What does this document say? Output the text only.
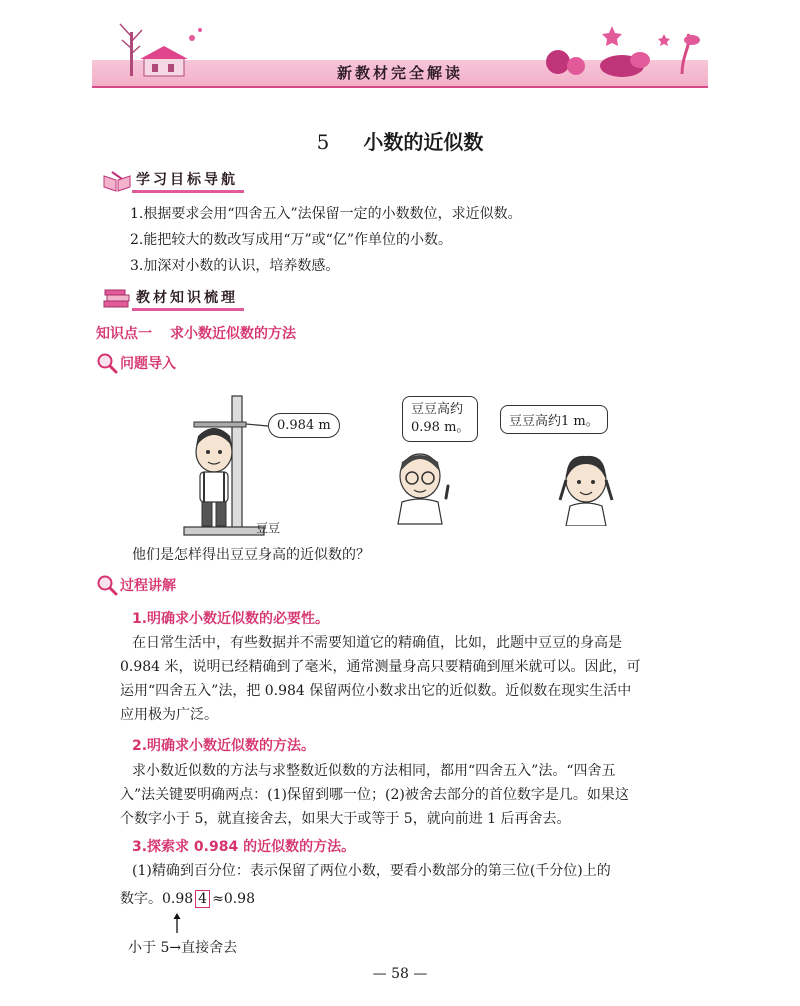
新教材完全解读
5 小数的近似数
学习目标导航
1.根据要求会用“四舍五入”法保留一定的小数数位，求近似数。
2.能把较大的数改写成用“万”或“亿”作单位的小数。
3.加深对小数的认识，培养数感。
教材知识梳理
知识点一 求小数近似数的方法
问题导入
0.984 m
豆豆
豆豆高约
0.98 m。	豆豆高约1 m。
他们是怎样得出豆豆身高的近似数的？
过程讲解
1.明确求小数近似数的必要性。
在日常生活中，有些数据并不需要知道它的精确值，比如，此题中豆豆的身高是
0.984 米，说明已经精确到了毫米，通常测量身高只要精确到厘米就可以。因此，可
运用“四舍五入”法，把 0.984 保留两位小数求出它的近似数。近似数在现实生活中
应用极为广泛。
2.明确求小数近似数的方法。
求小数近似数的方法与求整数近似数的方法相同，都用“四舍五入”法。“四舍五
入”法关键要明确两点：(1)保留到哪一位；(2)被舍去部分的首位数字是几。如果这
个数字小于 5，就直接舍去，如果大于或等于 5，就向前进 1 后再舍去。
3.探索求 0.984 的近似数的方法。
(1)精确到百分位：表示保留了两位小数，要看小数部分的第三位(千分位)上的
数字。0.98 4 ≈0.98
小于 5→直接舍去
— 58 —
